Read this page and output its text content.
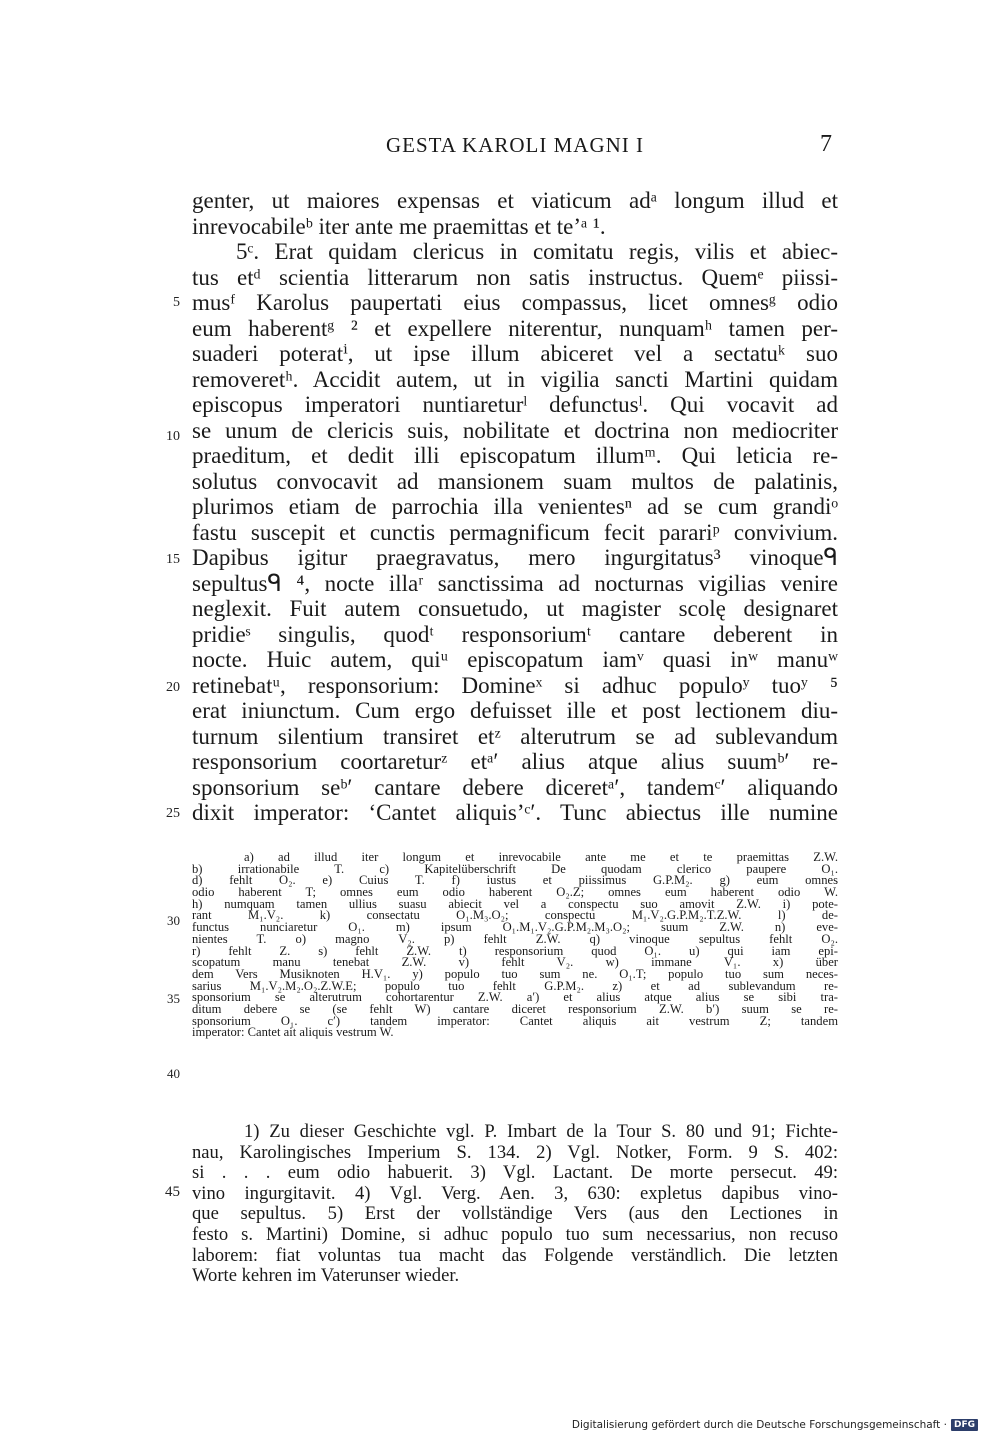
GESTA KAROLI MAGNI I	7
genter, ut maiores expensas et viaticum adᵃ longum illud et
inrevocabileᵇ iter ante me praemittas et te’ᵃ ¹.
5ᶜ. Erat quidam clericus in comitatu regis, vilis et abiec-
tus etᵈ scientia litterarum non satis instructus. Quemᵉ piissi-
musᶠ Karolus paupertati eius compassus, licet omnesᵍ odio
eum haberentᵍ ² et expellere niterentur, nunquamʰ tamen per-
suaderi poteratⁱ, ut ipse illum abiceret vel a sectatuᵏ suo
removeretʰ. Accidit autem, ut in vigilia sancti Martini quidam
episcopus imperatori nuntiareturˡ defunctusˡ. Qui vocavit ad
se unum de clericis suis, nobilitate et doctrina non mediocriter
praeditum, et dedit illi episcopatum illumᵐ. Qui leticia re-
solutus convocavit ad mansionem suam multos de palatinis,
plurimos etiam de parrochia illa venientesⁿ ad se cum grandiᵒ
fastu suscepit et cunctis permagnificum fecit parariᵖ convivium.
Dapibus igitur praegravatus, mero ingurgitatus³ vinoqueᑫ
sepultusᑫ ⁴, nocte illaʳ sanctissima ad nocturnas vigilias venire
neglexit. Fuit autem consuetudo, ut magister scolę designaret
pridieˢ singulis, quodᵗ responsoriumᵗ cantare deberent in
nocte. Huic autem, quiᵘ episcopatum iamᵛ quasi inʷ manuʷ
retinebatᵘ, responsorium: Domineˣ si adhuc populoʸ tuoʸ ⁵
erat iniunctum. Cum ergo defuisset ille et post lectionem diu-
turnum silentium transiret etᶻ alterutrum se ad sublevandum
responsorium coortareturᶻ etᵃ′ alius atque alius suumᵇ′ re-
sponsorium seᵇ′ cantare debere diceretᵃ′, tandemᶜ′ aliquando
dixit imperator: ‘Cantet aliquis’ᶜ′. Tunc abiectus ille numine
5
10
15
20
25
a) ad illud iter longum et inrevocabile ante me et te praemittas Z.W.
b) irrationabile T. c) Kapitelüberschrift De quodam clerico paupere O₁.
d) fehlt O₂. e) Cuius T. f) iustus et piissimus G.P.M₂. g) eum omnes
odio haberent T; omnes eum odio haberent O₂.Z; omnes eum haberent odio W.
h) numquam tamen ullius suasu abiecit vel a conspectu suo amovit Z.W. i) pote-
rant M₁.V₂. k) consectatu O₁.M₃.O₂; conspectu M₁.V₂.G.P.M₂.T.Z.W. l) de-
functus nunciaretur O₁. m) ipsum O₁.M₁.V₂.G.P.M₂.M₃.O₂; suum Z.W. n) eve-
nientes T. o) magno V₂. p) fehlt Z.W. q) vinoque sepultus fehlt O₂.
r) fehlt Z. s) fehlt Z.W. t) responsorium quod O₁. u) qui iam epi-
scopatum manu tenebat Z.W. v) fehlt V₂. w) immane V₁. x) über
dem Vers Musiknoten H.V₁. y) populo tuo sum ne. O₁.T; populo tuo sum neces-
sarius M₁.V₂.M₂.O₂.Z.W.E; populo tuo fehlt G.P.M₂. z) et ad sublevandum re-
sponsorium se alterutrum cohortarentur Z.W. a′) et alius atque alius se sibi tra-
ditum debere se (se fehlt W) cantare diceret responsorium Z.W. b′) suum se re-
sponsorium O₁. c′) tandem imperator: Cantet aliquis ait vestrum Z; tandem
imperator: Cantet ait aliquis vestrum W.
30
35
40
1) Zu dieser Geschichte vgl. P. Imbart de la Tour S. 80 und 91; Fichte-
nau, Karolingisches Imperium S. 134. 2) Vgl. Notker, Form. 9 S. 402:
si . . . eum odio habuerit. 3) Vgl. Lactant. De morte persecut. 49:
vino ingurgitavit. 4) Vgl. Verg. Aen. 3, 630: expletus dapibus vino-
que sepultus. 5) Erst der vollständige Vers (aus den Lectiones in
festo s. Martini) Domine, si adhuc populo tuo sum necessarius, non recuso
laborem: fiat voluntas tua macht das Folgende verständlich. Die letzten
Worte kehren im Vaterunser wieder.
45
Digitalisierung gefördert durch die Deutsche Forschungsgemeinschaft · DFG
